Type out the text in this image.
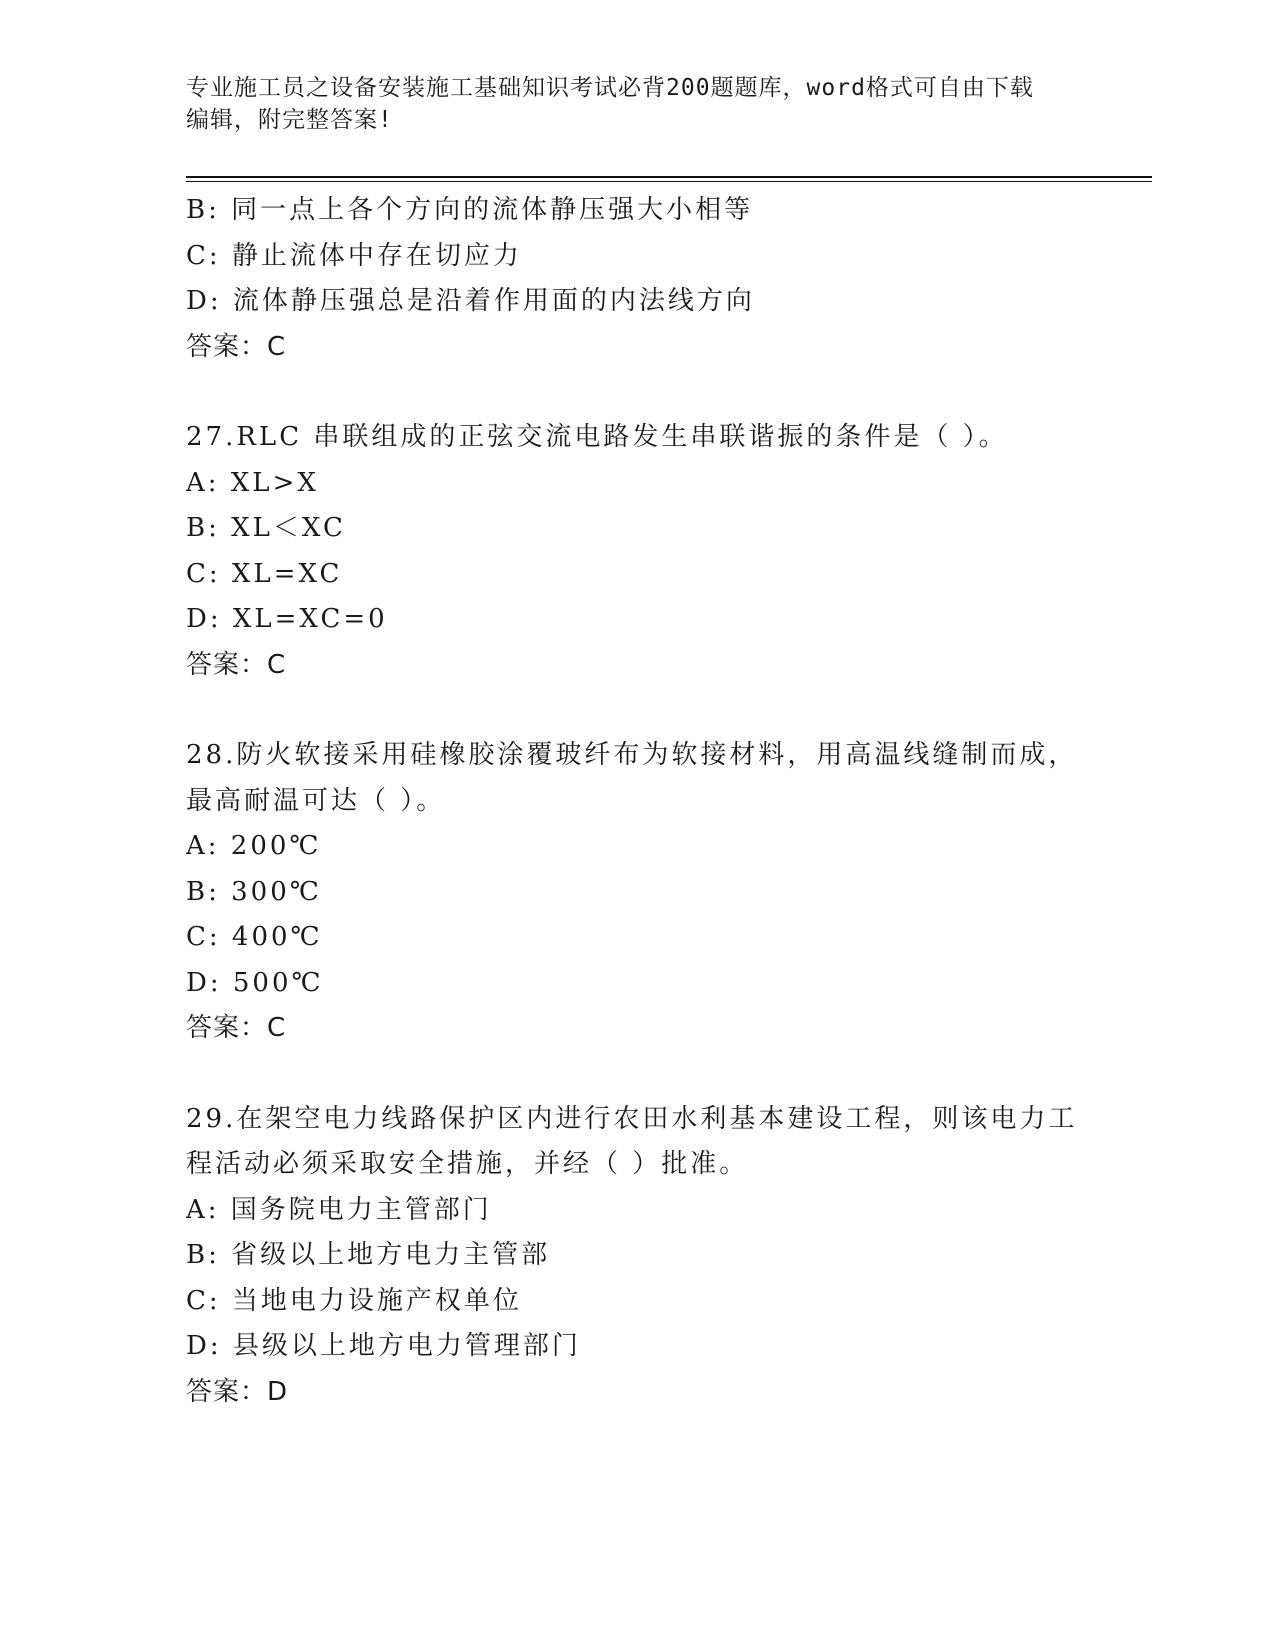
专业施工员之设备安装施工基础知识考试必背200题题库，word格式可自由下载
编辑，附完整答案!
B: 同一点上各个方向的流体静压强大小相等
C: 静止流体中存在切应力
D: 流体静压强总是沿着作用面的内法线方向
答案：C
27.RLC 串联组成的正弦交流电路发生串联谐振的条件是（ ）。
A: XL>X
B: XL＜XC
C: XL=XC
D: XL=XC=0
答案：C
28.防火软接采用硅橡胶涂覆玻纤布为软接材料，用高温线缝制而成，
最高耐温可达（ ）。
A: 200℃
B: 300℃
C: 400℃
D: 500℃
答案：C
29.在架空电力线路保护区内进行农田水利基本建设工程，则该电力工
程活动必须采取安全措施，并经（ ）批准。
A: 国务院电力主管部门
B: 省级以上地方电力主管部
C: 当地电力设施产权单位
D: 县级以上地方电力管理部门
答案：D
